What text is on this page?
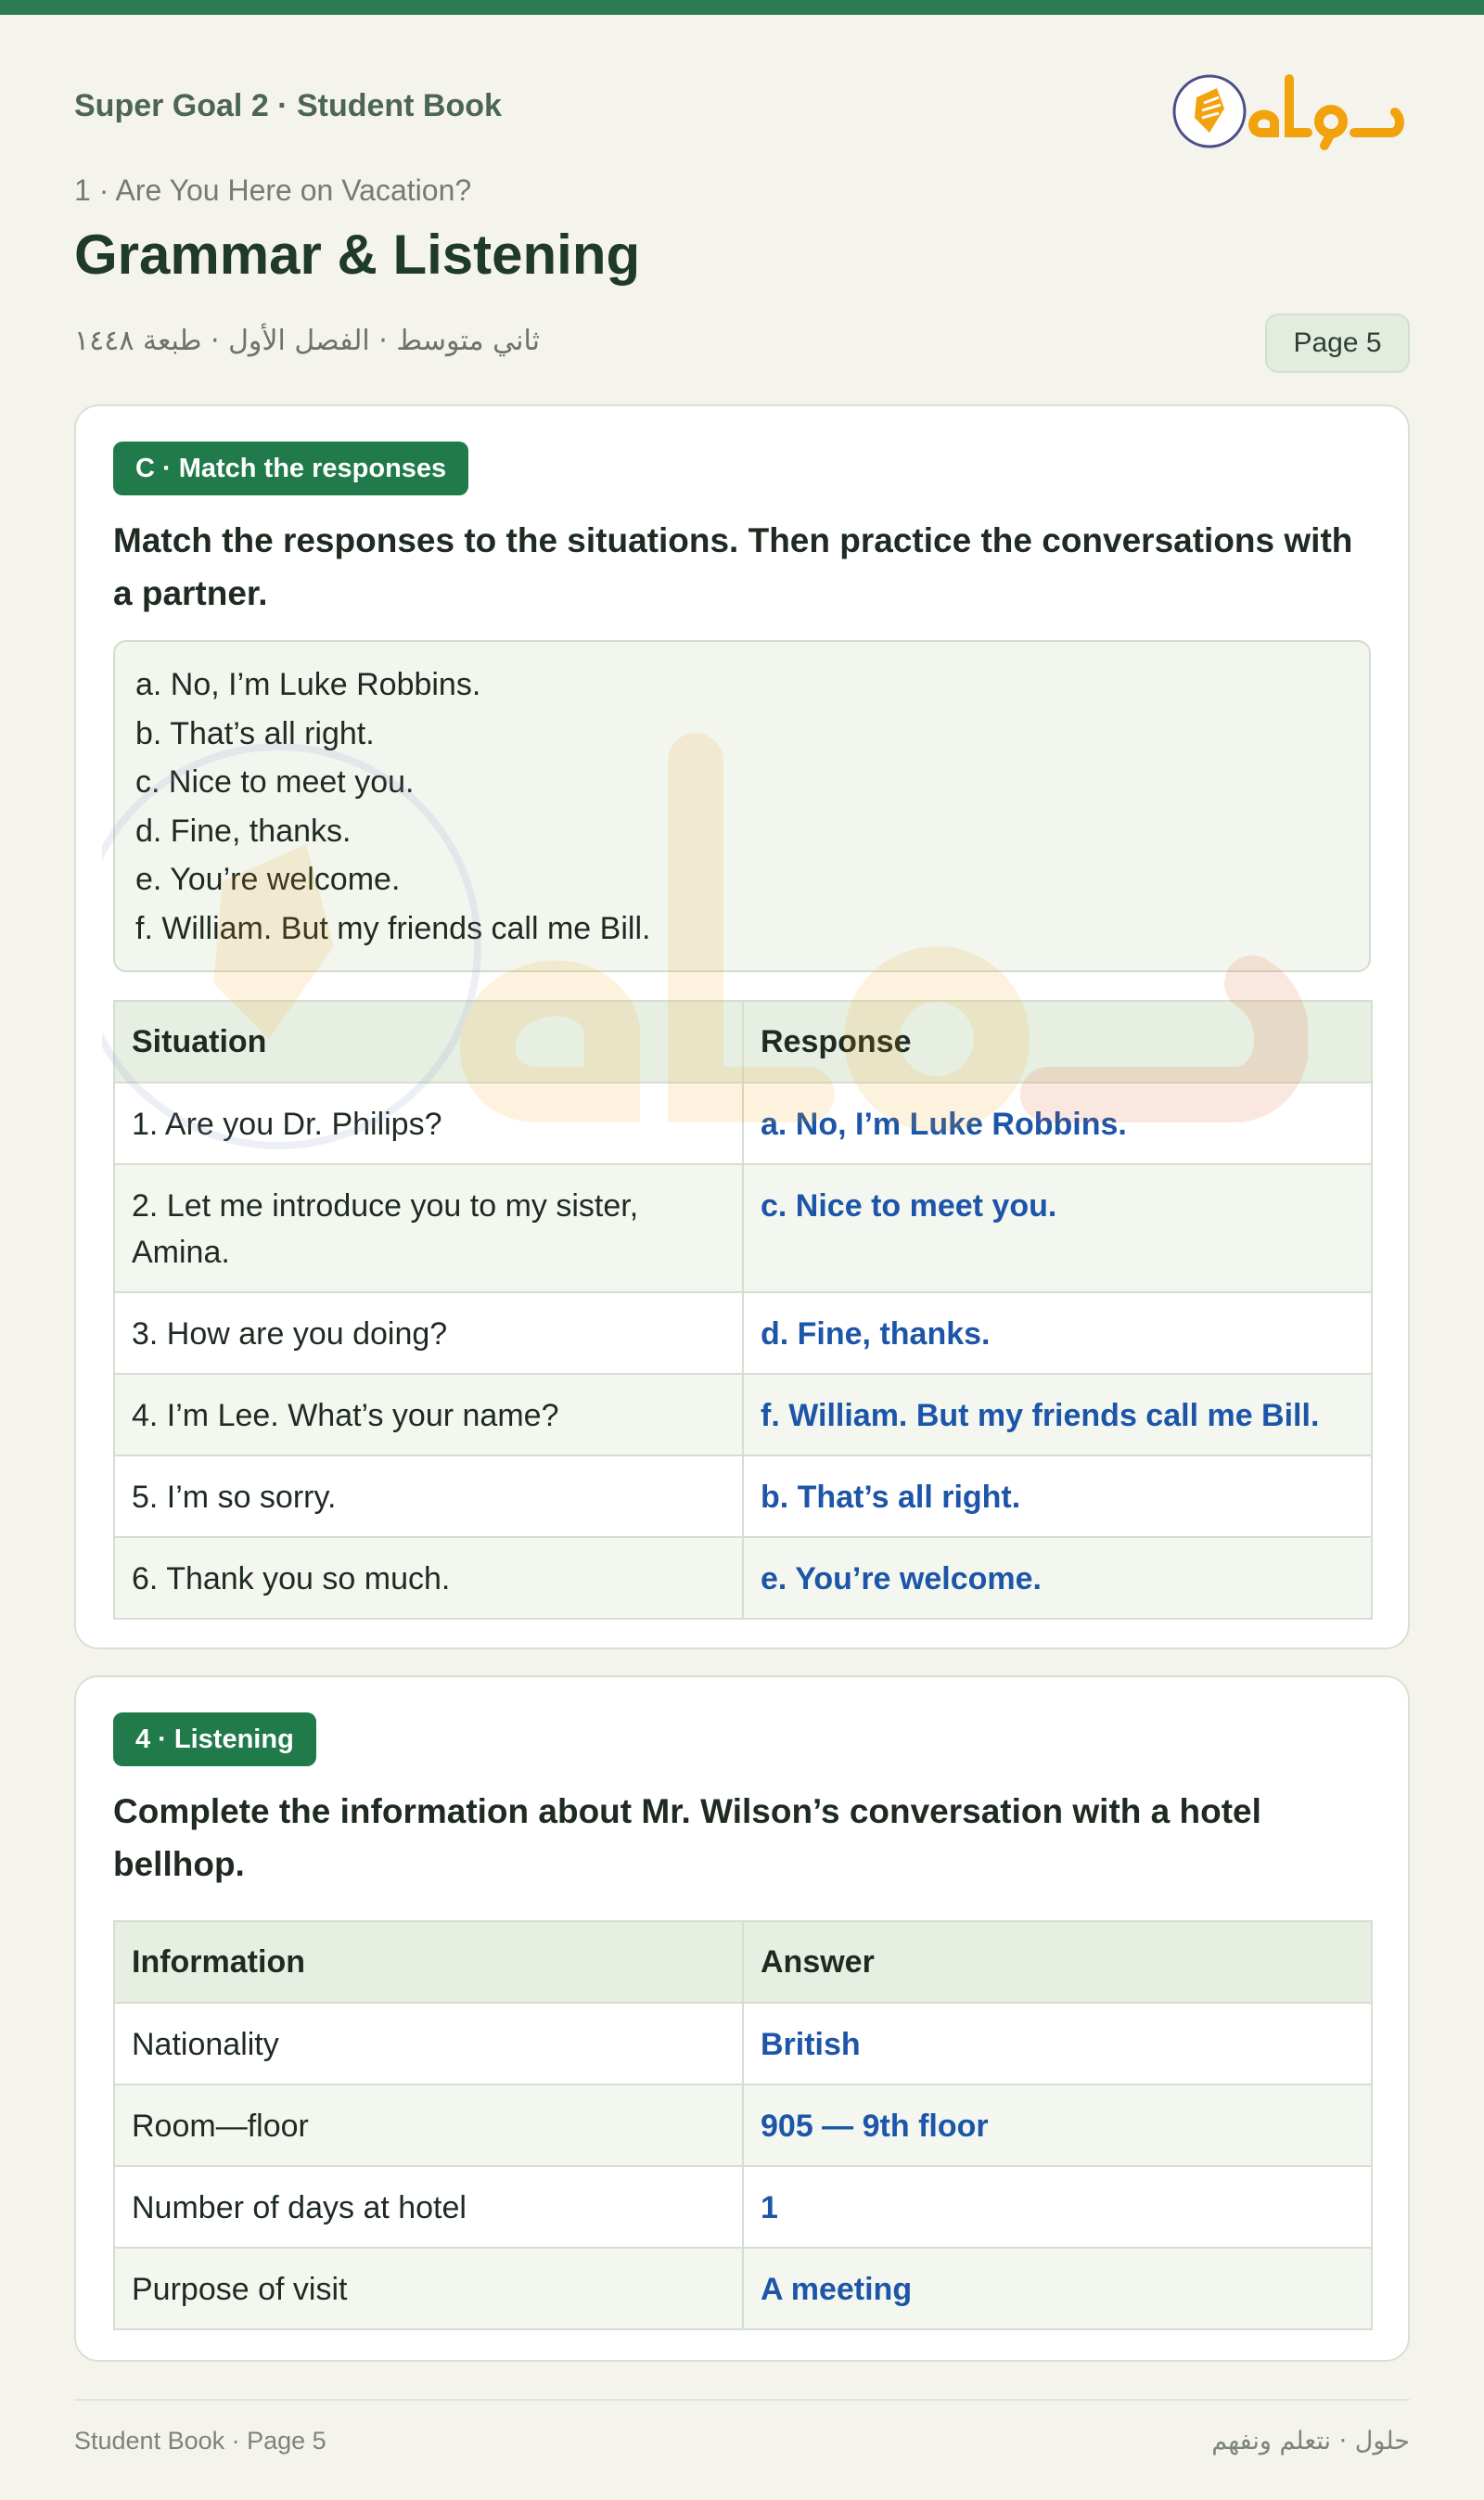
Super Goal 2 · Student Book
1 · Are You Here on Vacation?
Grammar & Listening
ثاني متوسط · الفصل الأول · طبعة ١٤٤٨	Page 5
C · Match the responses
Match the responses to the situations. Then practice the conversations with a partner.
a. No, I’m Luke Robbins.
b. That’s all right.
c. Nice to meet you.
d. Fine, thanks.
e. You’re welcome.
f. William. But my friends call me Bill.
Situation	Response
1. Are you Dr. Philips?	a. No, I’m Luke Robbins.
2. Let me introduce you to my sister, Amina.	c. Nice to meet you.
3. How are you doing?	d. Fine, thanks.
4. I’m Lee. What’s your name?	f. William. But my friends call me Bill.
5. I’m so sorry.	b. That’s all right.
6. Thank you so much.	e. You’re welcome.
4 · Listening
Complete the information about Mr. Wilson’s conversation with a hotel bellhop.
Information	Answer
Nationality	British
Room—floor	905 — 9th floor
Number of days at hotel	1
Purpose of visit	A meeting
Student Book · Page 5	حلول · نتعلم ونفهم
